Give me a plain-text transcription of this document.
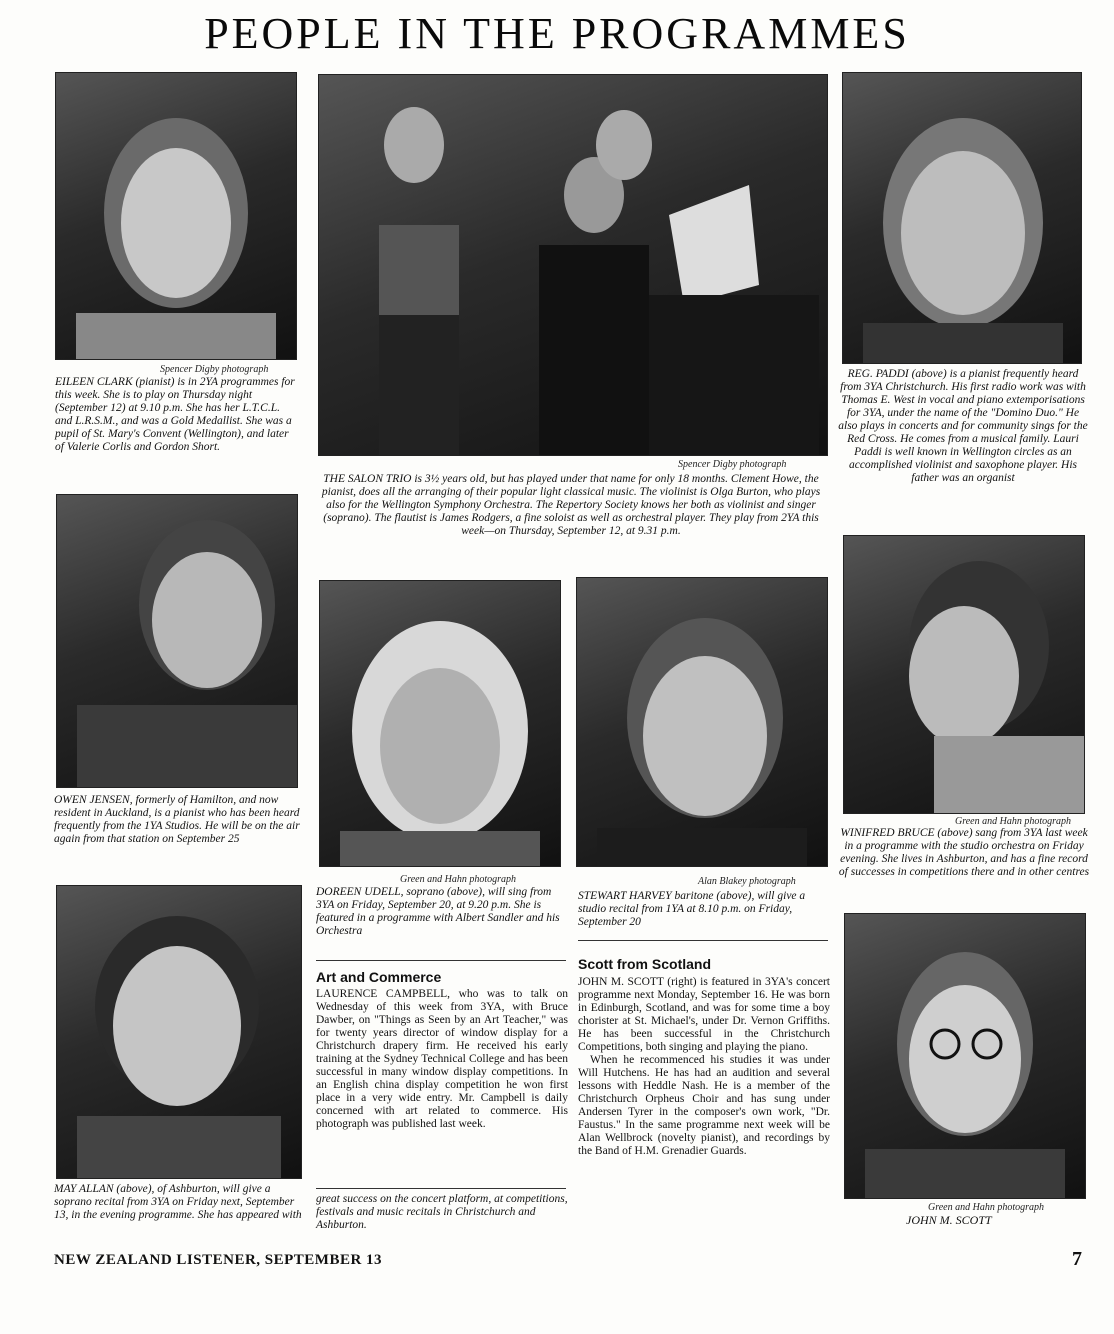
PEOPLE IN THE PROGRAMMES
Spencer Digby photograph
EILEEN CLARK (pianist) is in 2YA programmes for this week. She is to play on Thursday night (September 12) at 9.10 p.m. She has her L.T.C.L. and L.R.S.M., and was a Gold Medallist. She was a pupil of St. Mary's Convent (Wellington), and later of Valerie Corlis and Gordon Short.
Spencer Digby photograph
THE SALON TRIO is 3½ years old, but has played under that name for only 18 months. Clement Howe, the pianist, does all the arranging of their popular light classical music. The violinist is Olga Burton, who plays also for the Wellington Symphony Orchestra. The Repertory Society knows her both as violinist and singer (soprano). The flautist is James Rodgers, a fine soloist as well as orchestral player. They play from 2YA this week—on Thursday, September 12, at 9.31 p.m.
REG. PADDI (above) is a pianist frequently heard from 3YA Christchurch. His first radio work was with Thomas E. West in vocal and piano extemporisations for 3YA, under the name of the "Domino Duo." He also plays in concerts and for community sings for the Red Cross. He comes from a musical family. Lauri Paddi is well known in Wellington circles as an accomplished violinist and saxophone player. His father was an organist
OWEN JENSEN, formerly of Hamilton, and now resident in Auckland, is a pianist who has been heard frequently from the 1YA Studios. He will be on the air again from that station on September 25
Green and Hahn photograph
DOREEN UDELL, soprano (above), will sing from 3YA on Friday, September 20, at 9.20 p.m. She is featured in a programme with Albert Sandler and his Orchestra
Alan Blakey photograph
STEWART HARVEY baritone (above), will give a studio recital from 1YA at 8.10 p.m. on Friday, September 20
Green and Hahn photograph
WINIFRED BRUCE (above) sang from 3YA last week in a programme with the studio orchestra on Friday evening. She lives in Ashburton, and has a fine record of successes in competitions there and in other centres
MAY ALLAN (above), of Ashburton, will give a soprano recital from 3YA on Friday next, September 13, in the evening programme. She has appeared with
great success on the concert platform, at competitions, festivals and music recitals in Christchurch and Ashburton.
Green and Hahn photograph
JOHN M. SCOTT
Art and Commerce

LAURENCE CAMPBELL, who was to talk on Wednesday of this week from 3YA, with Bruce Dawber, on "Things as Seen by an Art Teacher," was for twenty years director of window display for a Christchurch drapery firm. He received his early training at the Sydney Technical College and has been successful in many window display competitions. In an English china display competition he won first place in a very wide entry. Mr. Campbell is daily concerned with art related to commerce. His photograph was published last week.

Scott from Scotland

JOHN M. SCOTT (right) is featured in 3YA's concert programme next Monday, September 16. He was born in Edinburgh, Scotland, and was for some time a boy chorister at St. Michael's, under Dr. Vernon Griffiths. He has been successful in the Christchurch Competitions, both singing and playing the piano.

When he recommenced his studies it was under Will Hutchens. He has had an audition and several lessons with Heddle Nash. He is a member of the Christchurch Orpheus Choir and has sung under Andersen Tyrer in the composer's own work, "Dr. Faustus." In the same programme next week will be Alan Wellbrock (novelty pianist), and recordings by the Band of H.M. Grenadier Guards.

NEW ZEALAND LISTENER, SEPTEMBER 13	7
